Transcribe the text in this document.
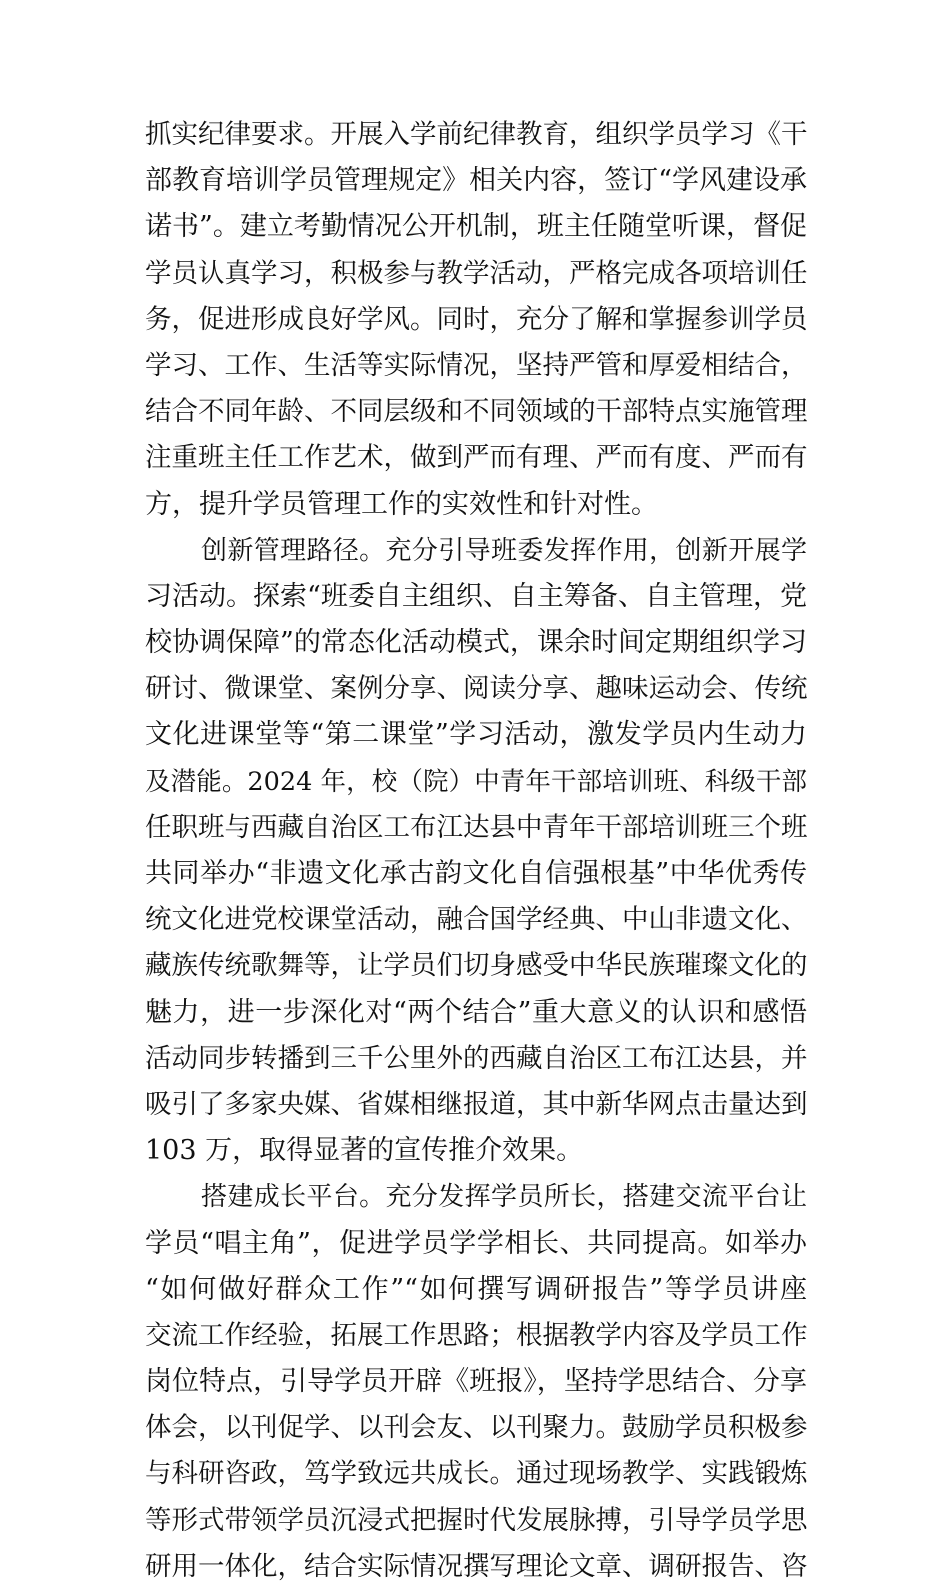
抓实纪律要求。开展入学前纪律教育，组织学员学习《干
部教育培训学员管理规定》相关内容，签订“学风建设承
诺书”。建立考勤情况公开机制，班主任随堂听课，督促
学员认真学习，积极参与教学活动，严格完成各项培训任
务，促进形成良好学风。同时，充分了解和掌握参训学员
学习、工作、生活等实际情况，坚持严管和厚爱相结合，
结合不同年龄、不同层级和不同领域的干部特点实施管理
注重班主任工作艺术，做到严而有理、严而有度、严而有
方，提升学员管理工作的实效性和针对性。
创新管理路径。充分引导班委发挥作用，创新开展学
习活动。探索“班委自主组织、自主筹备、自主管理，党
校协调保障”的常态化活动模式，课余时间定期组织学习
研讨、微课堂、案例分享、阅读分享、趣味运动会、传统
文化进课堂等“第二课堂”学习活动，激发学员内生动力
及潜能。2024 年，校（院）中青年干部培训班、科级干部
任职班与西藏自治区工布江达县中青年干部培训班三个班
共同举办“非遗文化承古韵文化自信强根基”中华优秀传
统文化进党校课堂活动，融合国学经典、中山非遗文化、
藏族传统歌舞等，让学员们切身感受中华民族璀璨文化的
魅力，进一步深化对“两个结合”重大意义的认识和感悟
活动同步转播到三千公里外的西藏自治区工布江达县，并
吸引了多家央媒、省媒相继报道，其中新华网点击量达到
103 万，取得显著的宣传推介效果。
搭建成长平台。充分发挥学员所长，搭建交流平台让
学员“唱主角”，促进学员学学相长、共同提高。如举办
“如何做好群众工作”“如何撰写调研报告”等学员讲座
交流工作经验，拓展工作思路；根据教学内容及学员工作
岗位特点，引导学员开辟《班报》，坚持学思结合、分享
体会，以刊促学、以刊会友、以刊聚力。鼓励学员积极参
与科研咨政，笃学致远共成长。通过现场教学、实践锻炼
等形式带领学员沉浸式把握时代发展脉搏，引导学员学思
研用一体化，结合实际情况撰写理论文章、调研报告、咨
